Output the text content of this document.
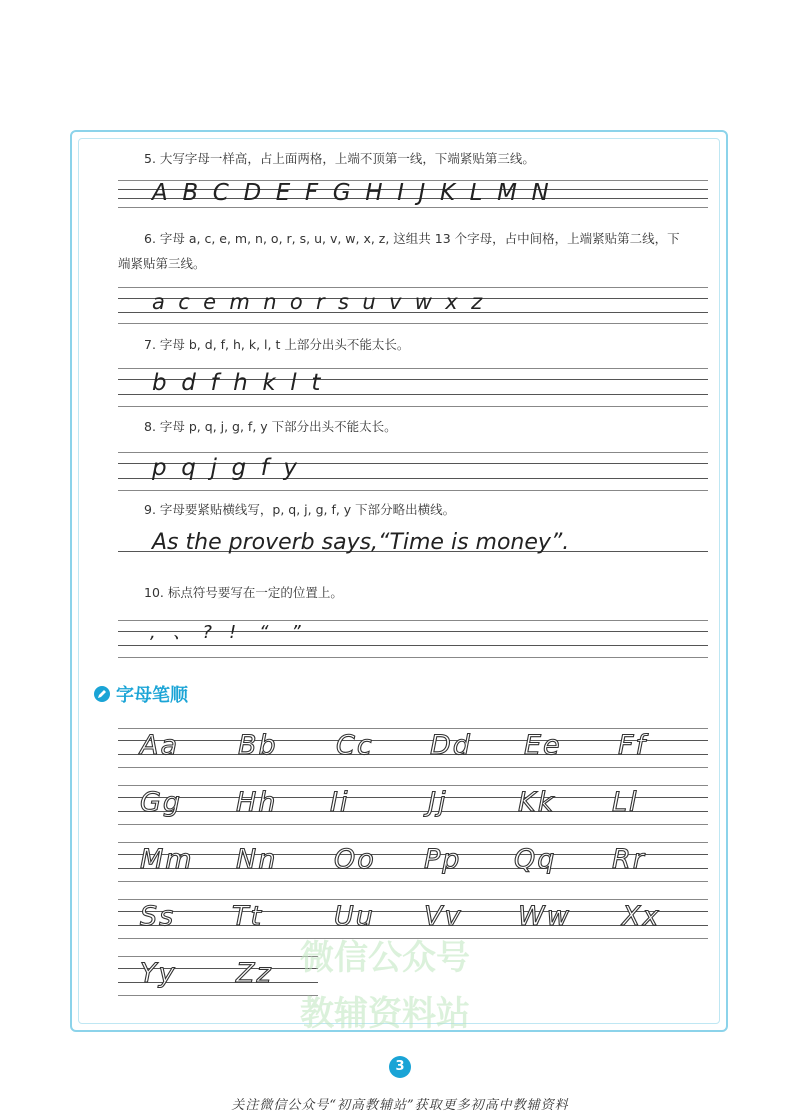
5. 大写字母一样高，占上面两格，上端不顶第一线，下端紧贴第三线。
A  B  C  D  E  F  G  H  I  J  K  L  M  N
6. 字母 a, c, e, m, n, o, r, s, u, v, w, x, z, 这组共 13 个字母，占中间格，上端紧贴第二线，下
端紧贴第三线。
a  c  e  m  n  o  r  s  u  v  w  x  z
7. 字母 b, d, f, h, k, l, t 上部分出头不能太长。
b  d  f  h  k  l  t
8. 字母 p, q, j, g, f, y 下部分出头不能太长。
p  q  j  g  f  y
9. 字母要紧贴横线写，p, q, j, g, f, y 下部分略出横线。
As the proverb says,“Time is money”.
10. 标点符号要写在一定的位置上。
,   、  ?   !    “    ”
字母笔顺
Aa Bb Cc Dd Ee Ff
Gg Hh Ii	Jj	Kk Ll
Mm Nn Oo Pp Qq Rr
Ss Tt	Uu Vv Ww Xx
Yy Zz 微信公众号
教辅资料站
3
关注微信公众号“初高教辅站”获取更多初高中教辅资料
